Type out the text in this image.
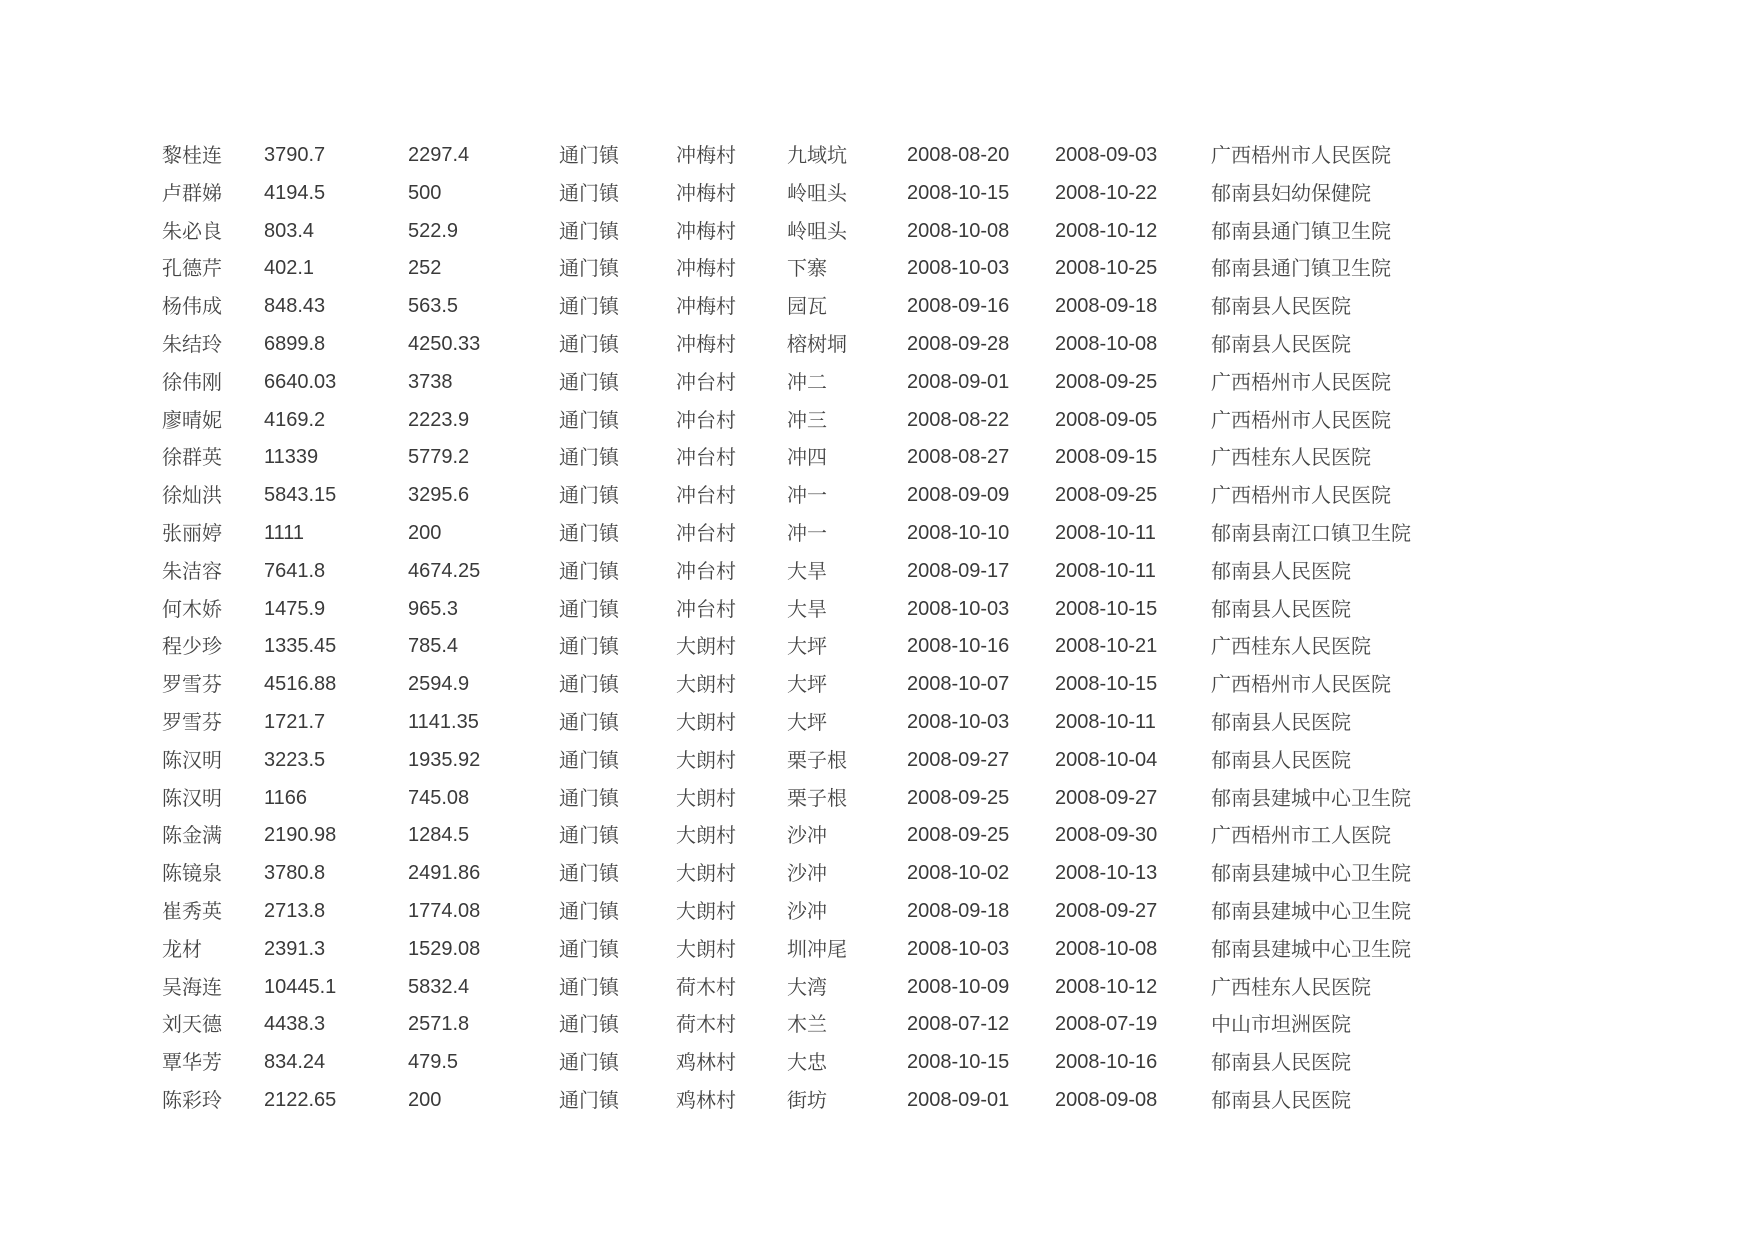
黎桂连	3790.7	2297.4	通门镇	冲梅村	九域坑	2008-08-20	2008-09-03	广西梧州市人民医院
卢群娣	4194.5	500	通门镇	冲梅村	岭咀头	2008-10-15	2008-10-22	郁南县妇幼保健院
朱必良	803.4	522.9	通门镇	冲梅村	岭咀头	2008-10-08	2008-10-12	郁南县通门镇卫生院
孔德芹	402.1	252	通门镇	冲梅村	下寨	2008-10-03	2008-10-25	郁南县通门镇卫生院
杨伟成	848.43	563.5	通门镇	冲梅村	园瓦	2008-09-16	2008-09-18	郁南县人民医院
朱结玲	6899.8	4250.33	通门镇	冲梅村	榕树垌	2008-09-28	2008-10-08	郁南县人民医院
徐伟刚	6640.03	3738	通门镇	冲台村	冲二	2008-09-01	2008-09-25	广西梧州市人民医院
廖晴妮	4169.2	2223.9	通门镇	冲台村	冲三	2008-08-22	2008-09-05	广西梧州市人民医院
徐群英	11339	5779.2	通门镇	冲台村	冲四	2008-08-27	2008-09-15	广西桂东人民医院
徐灿洪	5843.15	3295.6	通门镇	冲台村	冲一	2008-09-09	2008-09-25	广西梧州市人民医院
张丽婷	1111	200	通门镇	冲台村	冲一	2008-10-10	2008-10-11	郁南县南江口镇卫生院
朱洁容	7641.8	4674.25	通门镇	冲台村	大旱	2008-09-17	2008-10-11	郁南县人民医院
何木娇	1475.9	965.3	通门镇	冲台村	大旱	2008-10-03	2008-10-15	郁南县人民医院
程少珍	1335.45	785.4	通门镇	大朗村	大坪	2008-10-16	2008-10-21	广西桂东人民医院
罗雪芬	4516.88	2594.9	通门镇	大朗村	大坪	2008-10-07	2008-10-15	广西梧州市人民医院
罗雪芬	1721.7	1141.35	通门镇	大朗村	大坪	2008-10-03	2008-10-11	郁南县人民医院
陈汉明	3223.5	1935.92	通门镇	大朗村	栗子根	2008-09-27	2008-10-04	郁南县人民医院
陈汉明	1166	745.08	通门镇	大朗村	栗子根	2008-09-25	2008-09-27	郁南县建城中心卫生院
陈金满	2190.98	1284.5	通门镇	大朗村	沙冲	2008-09-25	2008-09-30	广西梧州市工人医院
陈镜泉	3780.8	2491.86	通门镇	大朗村	沙冲	2008-10-02	2008-10-13	郁南县建城中心卫生院
崔秀英	2713.8	1774.08	通门镇	大朗村	沙冲	2008-09-18	2008-09-27	郁南县建城中心卫生院
龙材	2391.3	1529.08	通门镇	大朗村	圳冲尾	2008-10-03	2008-10-08	郁南县建城中心卫生院
吴海连	10445.1	5832.4	通门镇	荷木村	大湾	2008-10-09	2008-10-12	广西桂东人民医院
刘天德	4438.3	2571.8	通门镇	荷木村	木兰	2008-07-12	2008-07-19	中山市坦洲医院
覃华芳	834.24	479.5	通门镇	鸡林村	大忠	2008-10-15	2008-10-16	郁南县人民医院
陈彩玲	2122.65	200	通门镇	鸡林村	街坊	2008-09-01	2008-09-08	郁南县人民医院
